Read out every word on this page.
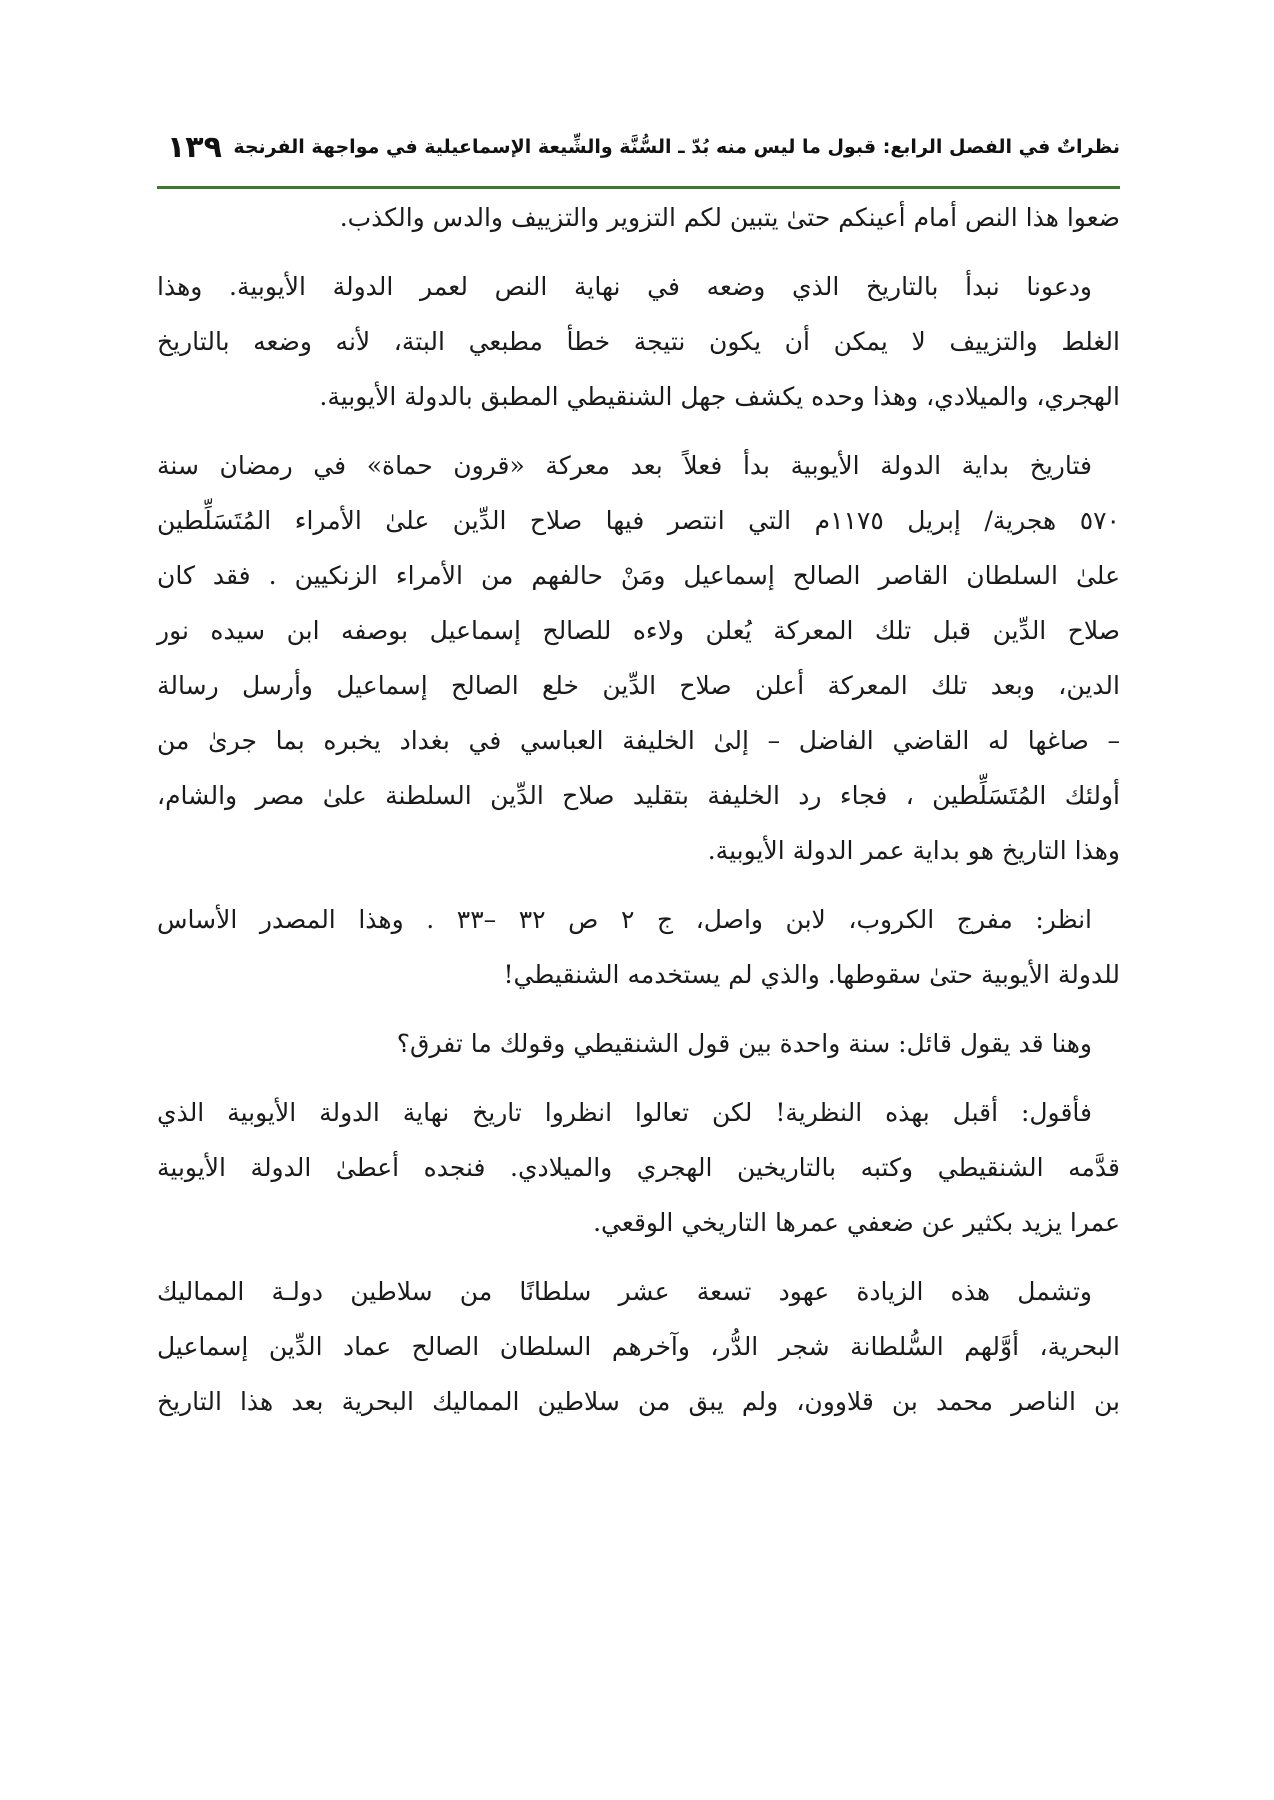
نظراتٌ في الفصل الرابع: قبول ما ليس منه بُدّ ـ السُّنَّة والشِّيعة الإسماعيلية في مواجهة الفرنجة
١٣٩

ضعوا هذا النص أمام أعينكم حتىٰ يتبين لكم التزوير والتزييف والدس والكذب.

ودعونا نبدأ بالتاريخ الذي وضعه في نهاية النص لعمر الدولة الأيوبية. وهذا
الغلط والتزييف لا يمكن أن يكون نتيجة خطأ مطبعي البتة، لأنه وضعه بالتاريخ
الهجري، والميلادي، وهذا وحده يكشف جهل الشنقيطي المطبق بالدولة الأيوبية.

فتاريخ بداية الدولة الأيوبية بدأ فعلاً بعد معركة «قرون حماة» في رمضان سنة
٥٧٠ هجرية/ إبريل ١١٧٥م التي انتصر فيها صلاح الدِّين علىٰ الأمراء المُتَسَلِّطين
علىٰ السلطان القاصر الصالح إسماعيل ومَنْ حالفهم من الأمراء الزنكيين . فقد كان
صلاح الدِّين قبل تلك المعركة يُعلن ولاءه للصالح إسماعيل بوصفه ابن سيده نور
الدين، وبعد تلك المعركة أعلن صلاح الدِّين خلع الصالح إسماعيل وأرسل رسالة
– صاغها له القاضي الفاضل – إلىٰ الخليفة العباسي في بغداد يخبره بما جرىٰ من
أولئك المُتَسَلِّطين ، فجاء رد الخليفة بتقليد صلاح الدِّين السلطنة علىٰ مصر والشام،
وهذا التاريخ هو بداية عمر الدولة الأيوبية.

انظر: مفرج الكروب، لابن واصل، ج ٢ ص ٣٢ –٣٣ . وهذا المصدر الأساس
للدولة الأيوبية حتىٰ سقوطها. والذي لم يستخدمه الشنقيطي!

وهنا قد يقول قائل: سنة واحدة بين قول الشنقيطي وقولك ما تفرق؟

فأقول: أقبل بهذه النظرية! لكن تعالوا انظروا تاريخ نهاية الدولة الأيوبية الذي
قدَّمه الشنقيطي وكتبه بالتاريخين الهجري والميلادي. فنجده أعطىٰ الدولة الأيوبية
عمرا يزيد بكثير عن ضعفي عمرها التاريخي الوقعي.

وتشمل هذه الزيادة عهود تسعة عشر سلطانًا من سلاطين دولـة المماليك
البحرية، أوَّلهم السُّلطانة شجر الدُّر، وآخرهم السلطان الصالح عماد الدِّين إسماعيل
بن الناصر محمد بن قلاوون، ولم يبق من سلاطين المماليك البحرية بعد هذا التاريخ
